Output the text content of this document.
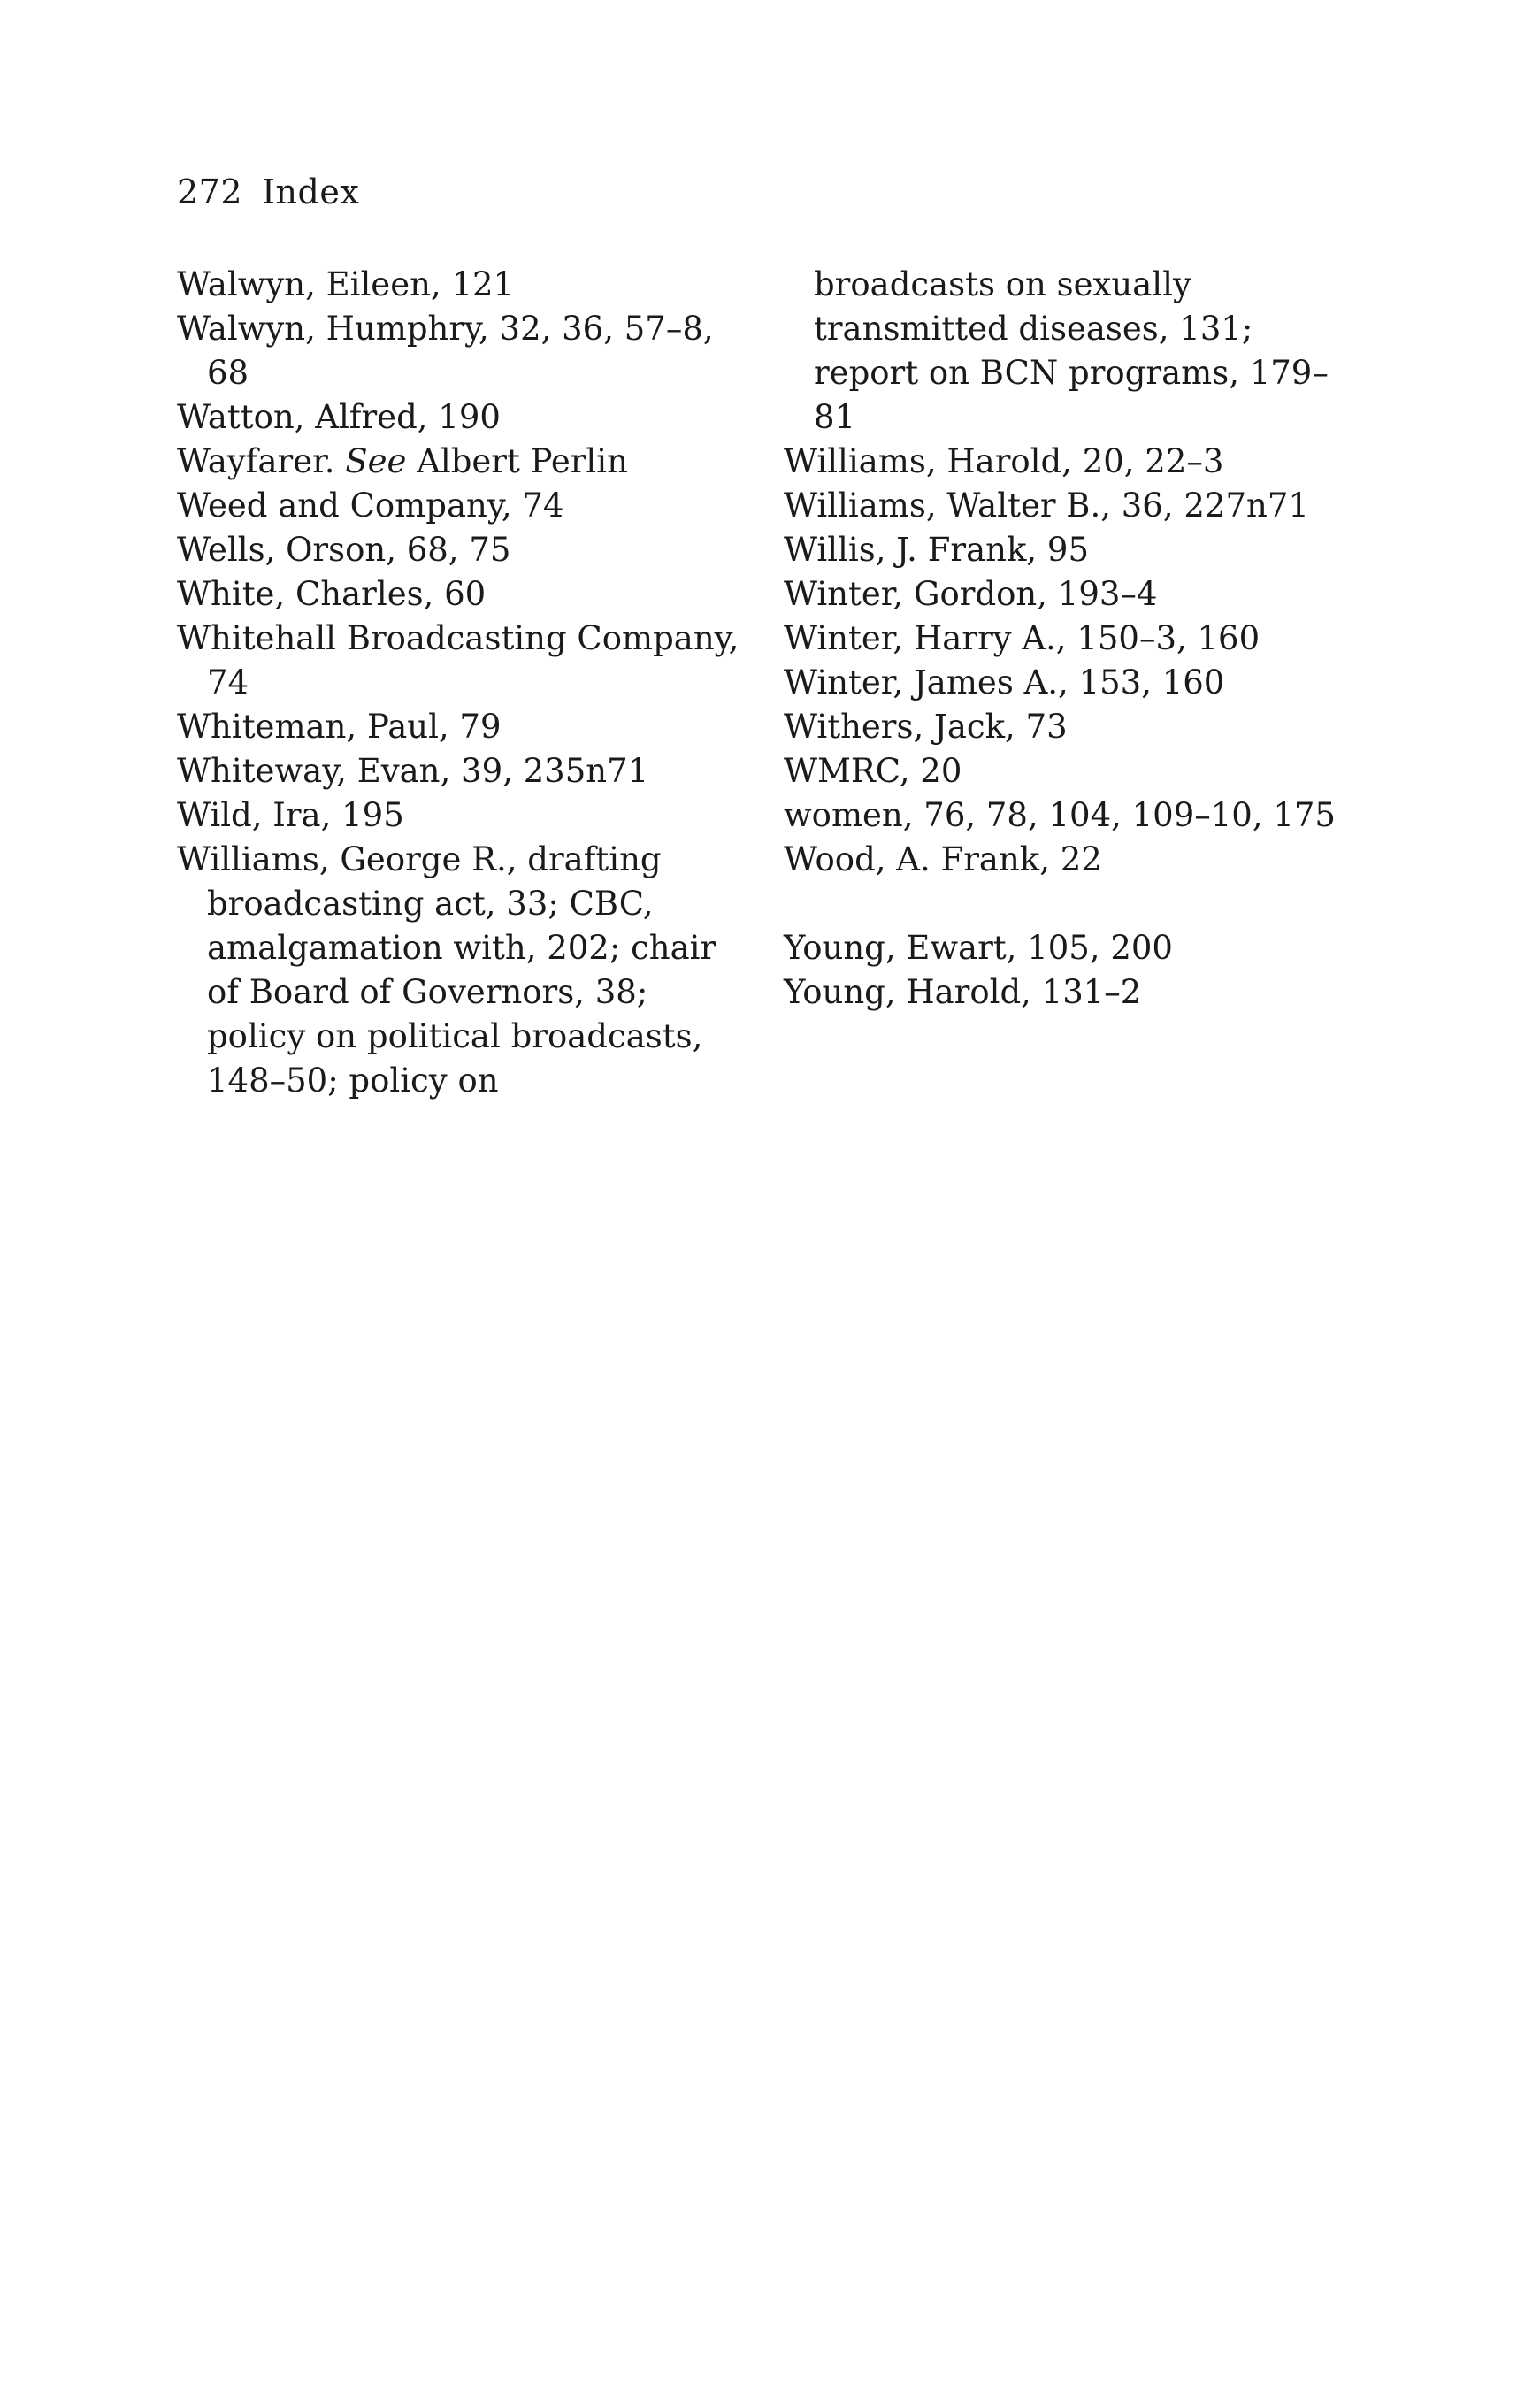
272 Index
Walwyn, Eileen, 121
Walwyn, Humphry, 32, 36, 57–8, 68
Watton, Alfred, 190
Wayfarer. See Albert Perlin
Weed and Company, 74
Wells, Orson, 68, 75
White, Charles, 60
Whitehall Broadcasting Company, 74
Whiteman, Paul, 79
Whiteway, Evan, 39, 235n71
Wild, Ira, 195
Williams, George R., drafting broadcasting act, 33; CBC, amalgamation with, 202; chair of Board of Governors, 38; policy on political broadcasts, 148–50; policy on
broadcasts on sexually transmitted diseases, 131; report on BCN programs, 179–81
Williams, Harold, 20, 22–3
Williams, Walter B., 36, 227n71
Willis, J. Frank, 95
Winter, Gordon, 193–4
Winter, Harry A., 150–3, 160
Winter, James A., 153, 160
Withers, Jack, 73
WMRC, 20
women, 76, 78, 104, 109–10, 175
Wood, A. Frank, 22
Young, Ewart, 105, 200
Young, Harold, 131–2
